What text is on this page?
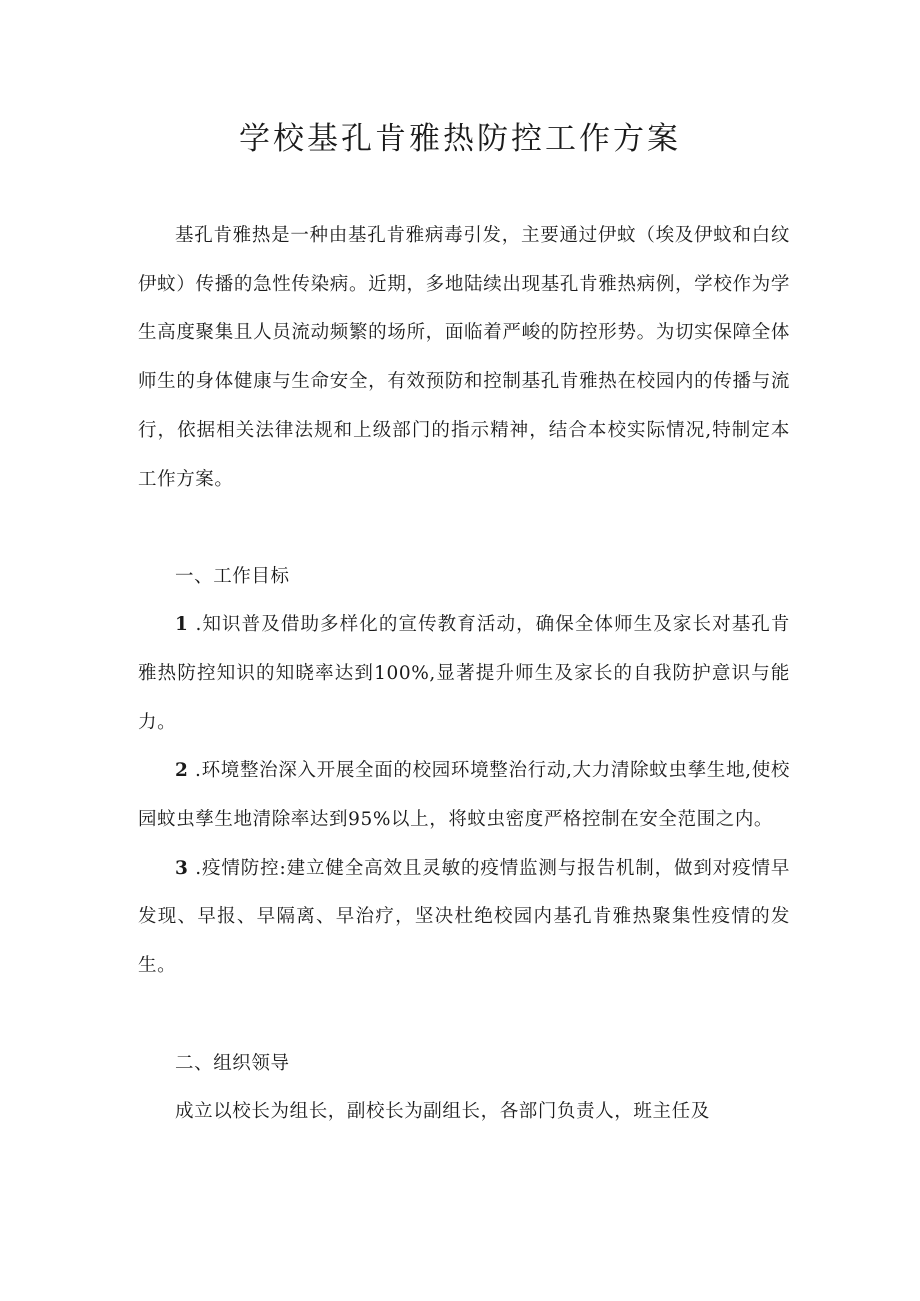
学校基孔肯雅热防控工作方案

基孔肯雅热是一种由基孔肯雅病毒引发，主要通过伊蚊（埃及伊蚊和白纹伊蚊）传播的急性传染病。近期，多地陆续出现基孔肯雅热病例，学校作为学生高度聚集且人员流动频繁的场所，面临着严峻的防控形势。为切实保障全体师生的身体健康与生命安全，有效预防和控制基孔肯雅热在校园内的传播与流行，依据相关法律法规和上级部门的指示精神，结合本校实际情况,特制定本工作方案。

一、工作目标

1 .知识普及借助多样化的宣传教育活动，确保全体师生及家长对基孔肯雅热防控知识的知晓率达到100%,显著提升师生及家长的自我防护意识与能力。

2 .环境整治深入开展全面的校园环境整治行动,大力清除蚊虫孳生地,使校园蚊虫孳生地清除率达到95%以上，将蚊虫密度严格控制在安全范围之内。

3 .疫情防控:建立健全高效且灵敏的疫情监测与报告机制，做到对疫情早发现、早报、早隔离、早治疗，坚决杜绝校园内基孔肯雅热聚集性疫情的发生。

二、组织领导

成立以校长为组长，副校长为副组长，各部门负责人，班主任及
